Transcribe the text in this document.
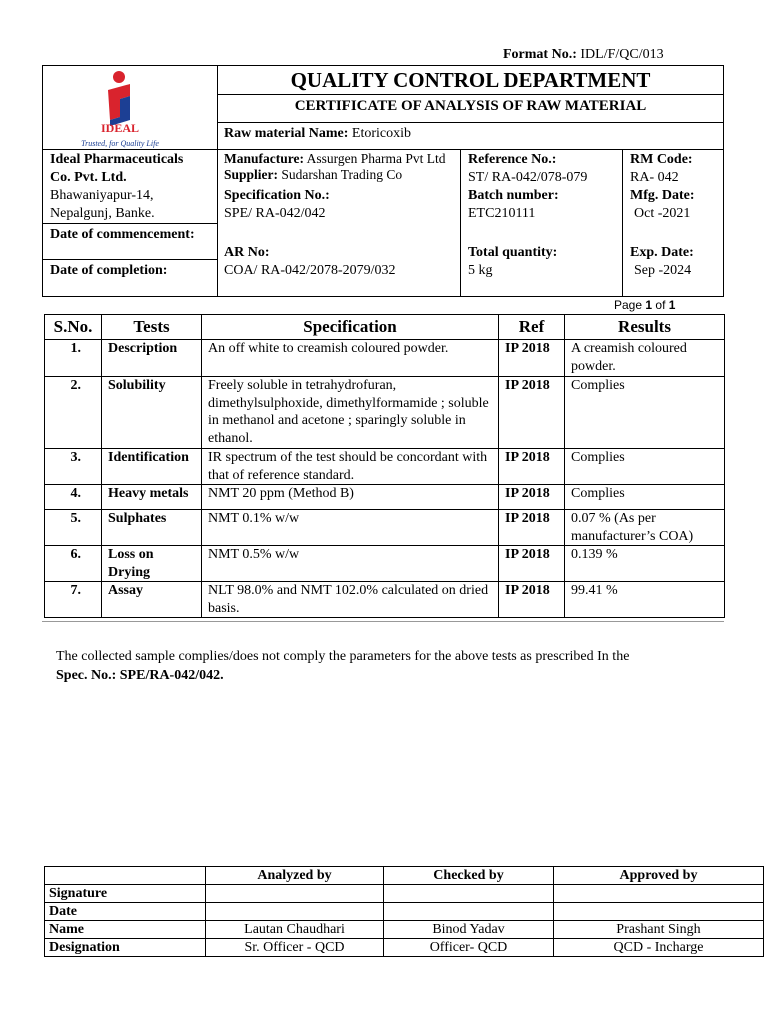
Format No.: IDL/F/QC/013
IDEAL
Trusted, for Quality Life
QUALITY CONTROL DEPARTMENT
CERTIFICATE OF ANALYSIS OF RAW MATERIAL
Raw material Name: Etoricoxib
Ideal Pharmaceuticals
Co. Pvt. Ltd.
Bhawaniyapur-14,
Nepalgunj, Banke.
Date of commencement:
Date of completion:
Manufacture: Assurgen Pharma Pvt Ltd
Supplier: Sudarshan Trading Co
Specification No.:
SPE/ RA-042/042
AR No:
COA/ RA-042/2078-2079/032
Reference No.:
ST/ RA-042/078-079
Batch number:
ETC210111
Total quantity:
5 kg
RM Code:
RA- 042
Mfg. Date:
Oct -2021
Exp. Date:
Sep -2024
Page 1 of 1
S.No.	Tests	Specification	Ref	Results
1.	Description	An off white to creamish coloured powder.	IP 2018	A creamish coloured powder.
2.	Solubility	Freely soluble in tetrahydrofuran, dimethylsulphoxide, dimethylformamide ; soluble in methanol and acetone ; sparingly soluble in ethanol.	IP 2018	Complies
3.	Identification	IR spectrum of the test should be concordant with that of reference standard.	IP 2018	Complies
4.	Heavy metals	NMT 20 ppm (Method B)	IP 2018	Complies
5.	Sulphates	NMT 0.1% w/w	IP 2018	0.07 % (As per manufacturer’s COA)
6.	Loss on Drying	NMT 0.5% w/w	IP 2018	0.139 %
7.	Assay	NLT 98.0% and NMT 102.0% calculated on dried basis.	IP 2018	99.41 %
The collected sample complies/does not comply the parameters for the above tests as prescribed In the
Spec. No.: SPE/RA-042/042.
	Analyzed by	Checked by	Approved by
Signature			
Date			
Name	Lautan Chaudhari	Binod Yadav	Prashant Singh
Designation	Sr. Officer - QCD	Officer- QCD	QCD - Incharge
